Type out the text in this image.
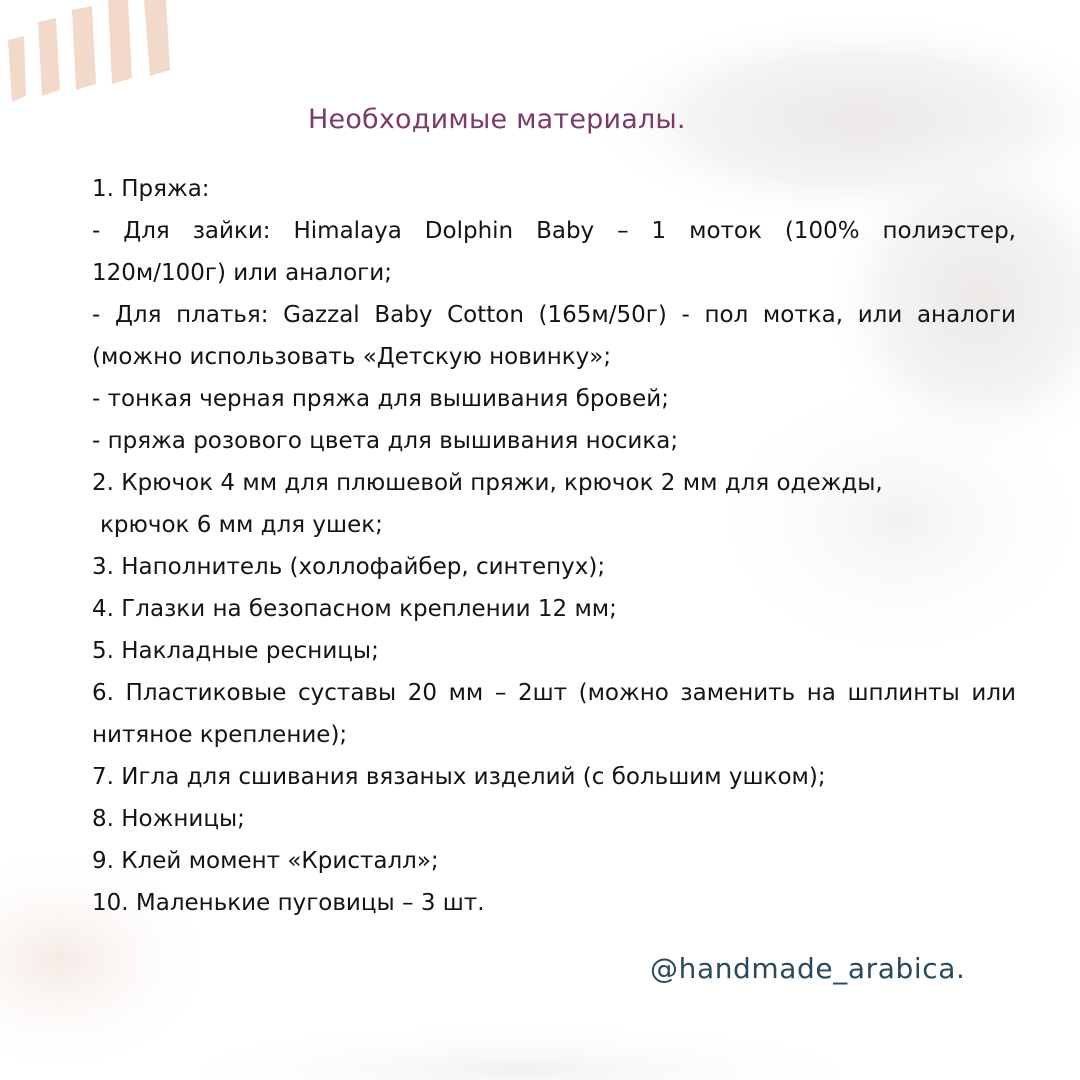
Необходимые материалы.
1. Пряжа:
- Для зайки: Himalaya Dolphin Baby – 1 моток (100% полиэстер,
120м/100г) или аналоги;
- Для платья: Gazzal Baby Cotton (165м/50г) - пол мотка, или аналоги
(можно использовать «Детскую новинку»;
- тонкая черная пряжа для вышивания бровей;
- пряжа розового цвета для вышивания носика;
2. Крючок 4 мм для плюшевой пряжи, крючок 2 мм для одежды,
крючок 6 мм для ушек;
3. Наполнитель (холлофайбер, синтепух);
4. Глазки на безопасном креплении 12 мм;
5. Накладные ресницы;
6. Пластиковые суставы 20 мм – 2шт (можно заменить на шплинты или
нитяное крепление);
7. Игла для сшивания вязаных изделий (с большим ушком);
8. Ножницы;
9. Клей момент «Кристалл»;
10. Маленькие пуговицы – 3 шт.
@handmade_arabica.
